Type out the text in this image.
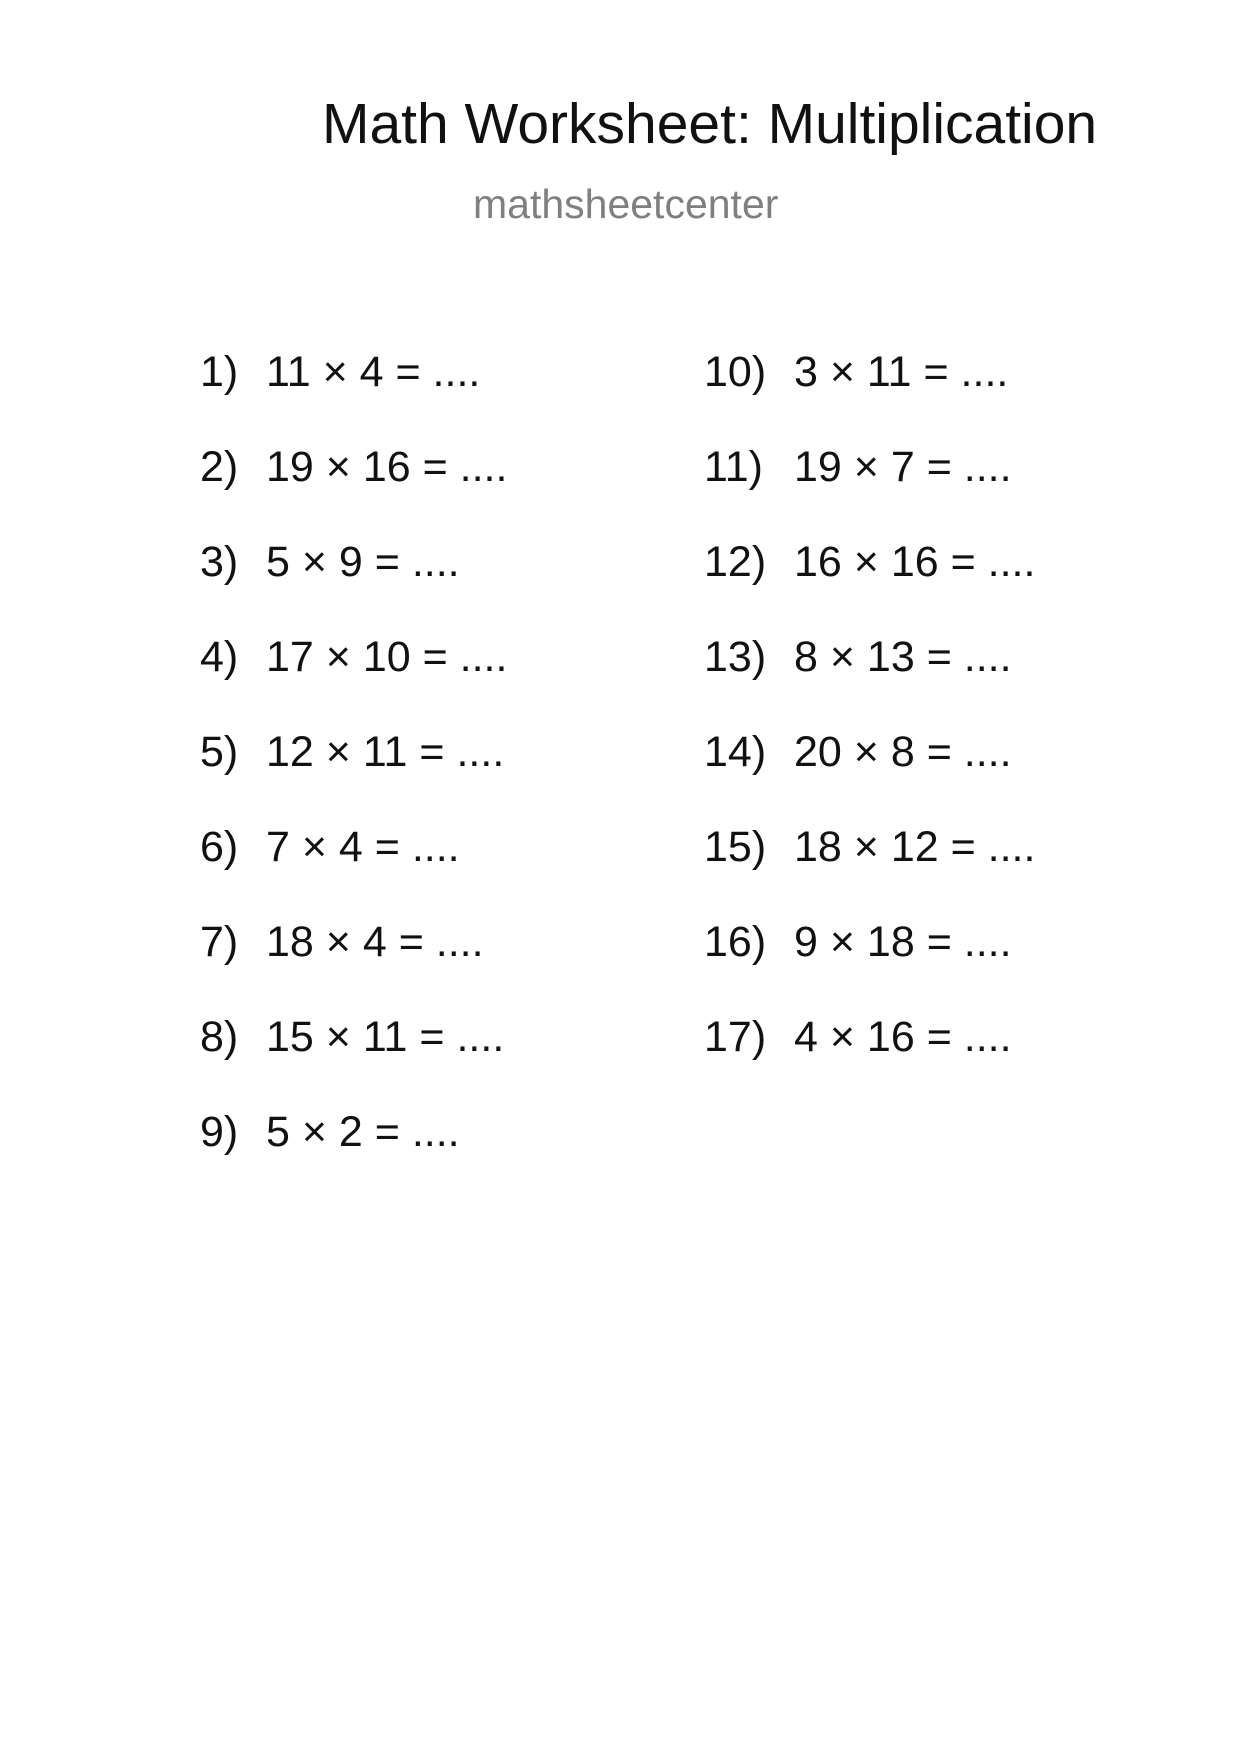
Math Worksheet: Multiplication
mathsheetcenter
1) 11 × 4 = ....
2) 19 × 16 = ....
3) 5 × 9 = ....
4) 17 × 10 = ....
5) 12 × 11 = ....
6) 7 × 4 = ....
7) 18 × 4 = ....
8) 15 × 11 = ....
9) 5 × 2 = ....
10) 3 × 11 = ....
11) 19 × 7 = ....
12) 16 × 16 = ....
13) 8 × 13 = ....
14) 20 × 8 = ....
15) 18 × 12 = ....
16) 9 × 18 = ....
17) 4 × 16 = ....
